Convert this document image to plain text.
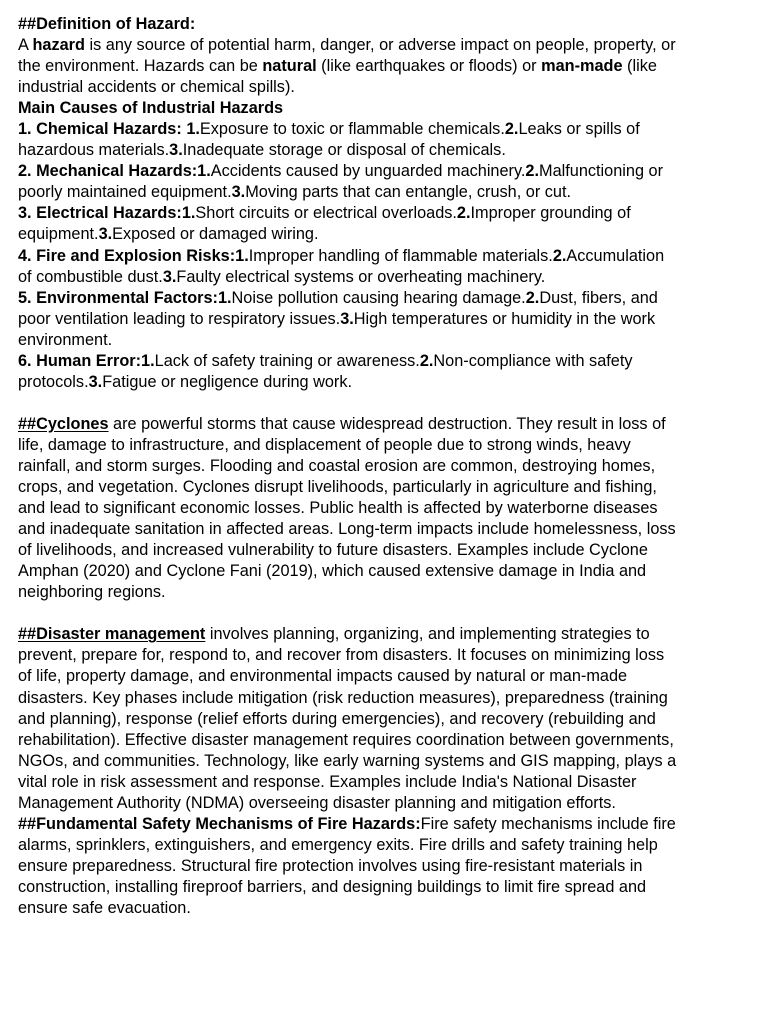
##Definition of Hazard:
A hazard is any source of potential harm, danger, or adverse impact on people, property, or
the environment. Hazards can be natural (like earthquakes or floods) or man-made (like
industrial accidents or chemical spills).
Main Causes of Industrial Hazards
1. Chemical Hazards: 1.Exposure to toxic or flammable chemicals.2.Leaks or spills of
hazardous materials.3.Inadequate storage or disposal of chemicals.
2. Mechanical Hazards:1.Accidents caused by unguarded machinery.2.Malfunctioning or
poorly maintained equipment.3.Moving parts that can entangle, crush, or cut.
3. Electrical Hazards:1.Short circuits or electrical overloads.2.Improper grounding of
equipment.3.Exposed or damaged wiring.
4. Fire and Explosion Risks:1.Improper handling of flammable materials.2.Accumulation
of combustible dust.3.Faulty electrical systems or overheating machinery.
5. Environmental Factors:1.Noise pollution causing hearing damage.2.Dust, fibers, and
poor ventilation leading to respiratory issues.3.High temperatures or humidity in the work
environment.
6. Human Error:1.Lack of safety training or awareness.2.Non-compliance with safety
protocols.3.Fatigue or negligence during work.
##Cyclones are powerful storms that cause widespread destruction. They result in loss of
life, damage to infrastructure, and displacement of people due to strong winds, heavy
rainfall, and storm surges. Flooding and coastal erosion are common, destroying homes,
crops, and vegetation. Cyclones disrupt livelihoods, particularly in agriculture and fishing,
and lead to significant economic losses. Public health is affected by waterborne diseases
and inadequate sanitation in affected areas. Long-term impacts include homelessness, loss
of livelihoods, and increased vulnerability to future disasters. Examples include Cyclone
Amphan (2020) and Cyclone Fani (2019), which caused extensive damage in India and
neighboring regions.
##Disaster management involves planning, organizing, and implementing strategies to
prevent, prepare for, respond to, and recover from disasters. It focuses on minimizing loss
of life, property damage, and environmental impacts caused by natural or man-made
disasters. Key phases include mitigation (risk reduction measures), preparedness (training
and planning), response (relief efforts during emergencies), and recovery (rebuilding and
rehabilitation). Effective disaster management requires coordination between governments,
NGOs, and communities. Technology, like early warning systems and GIS mapping, plays a
vital role in risk assessment and response. Examples include India's National Disaster
Management Authority (NDMA) overseeing disaster planning and mitigation efforts.
##Fundamental Safety Mechanisms of Fire Hazards:Fire safety mechanisms include fire
alarms, sprinklers, extinguishers, and emergency exits. Fire drills and safety training help
ensure preparedness. Structural fire protection involves using fire-resistant materials in
construction, installing fireproof barriers, and designing buildings to limit fire spread and
ensure safe evacuation.
